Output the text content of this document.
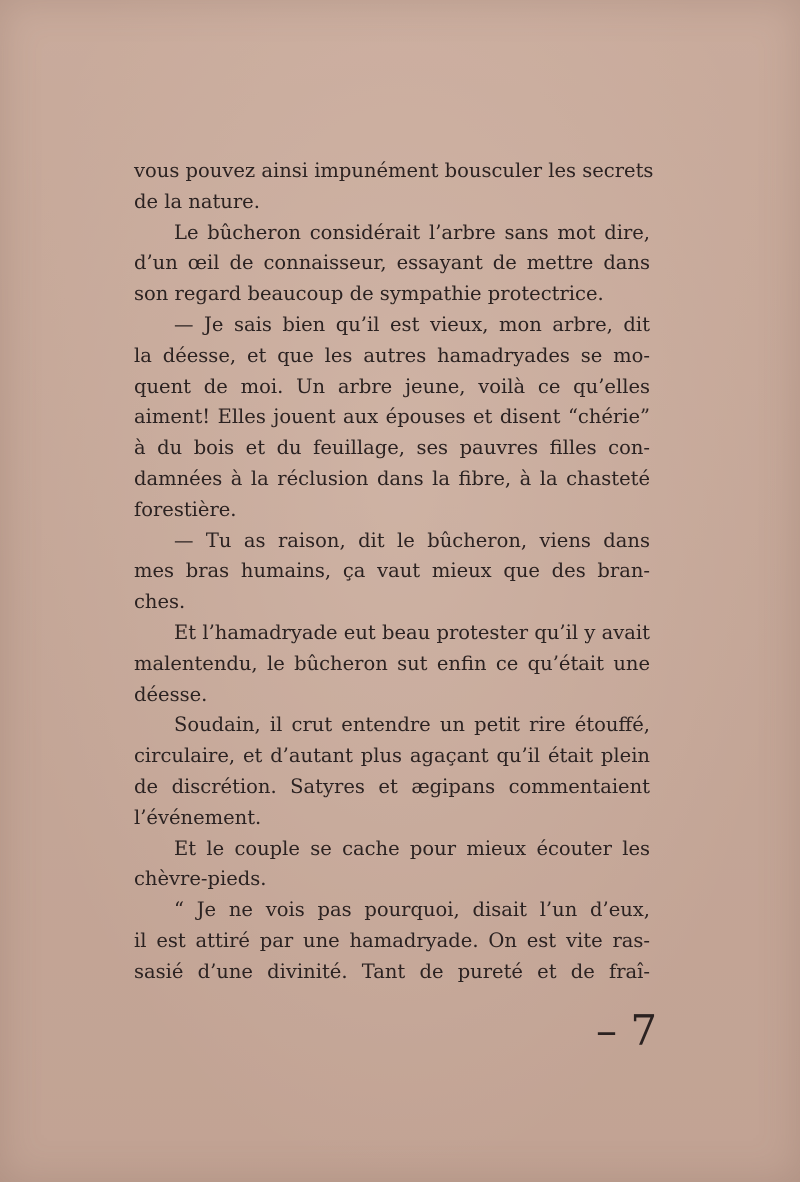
vous pouvez ainsi impunément bousculer les secrets
de la nature.
Le bûcheron considérait l’arbre sans mot dire,
d’un œil de connaisseur, essayant de mettre dans
son regard beaucoup de sympathie protectrice.
— Je sais bien qu’il est vieux, mon arbre, dit
la déesse, et que les autres hamadryades se mo-
quent de moi. Un arbre jeune, voilà ce qu’elles
aiment! Elles jouent aux épouses et disent “chérie”
à du bois et du feuillage, ses pauvres filles con-
damnées à la réclusion dans la fibre, à la chasteté
forestière.
— Tu as raison, dit le bûcheron, viens dans
mes bras humains, ça vaut mieux que des bran-
ches.
Et l’hamadryade eut beau protester qu’il y avait
malentendu, le bûcheron sut enfin ce qu’était une
déesse.
Soudain, il crut entendre un petit rire étouffé,
circulaire, et d’autant plus agaçant qu’il était plein
de discrétion. Satyres et ægipans commentaient
l’événement.
Et le couple se cache pour mieux écouter les
chèvre-pieds.
“ Je ne vois pas pourquoi, disait l’un d’eux,
il est attiré par une hamadryade. On est vite ras-
sasié d’une divinité. Tant de pureté et de fraî-
– 7
